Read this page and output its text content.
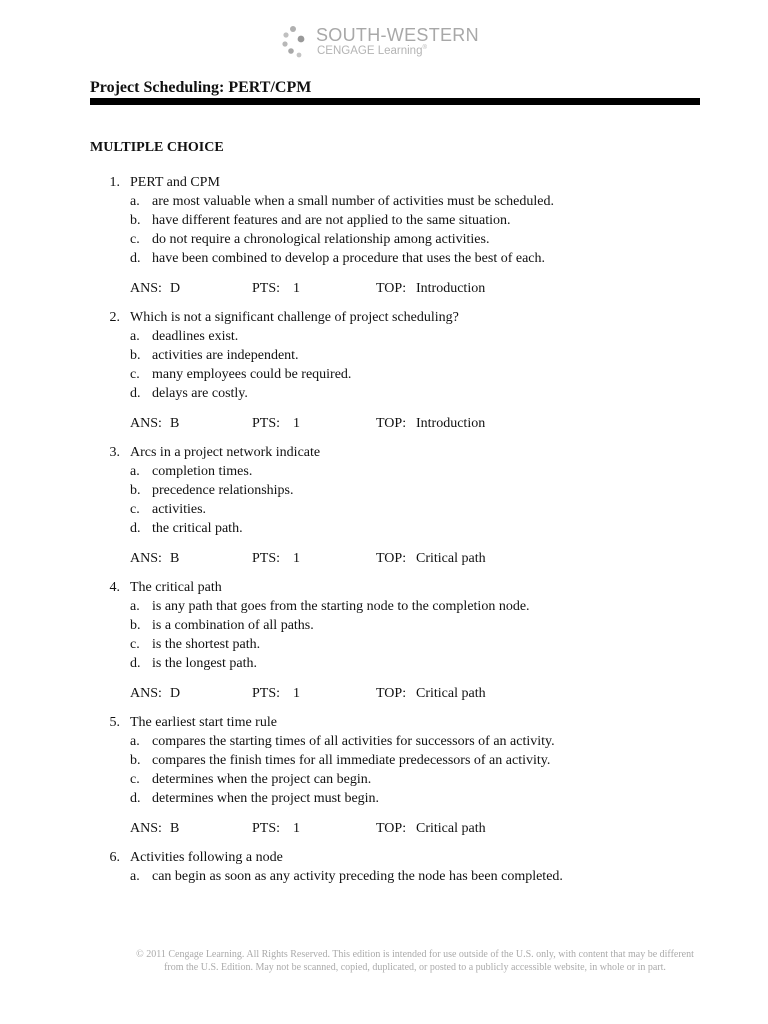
SOUTH-WESTERN
CENGAGE Learning®
Project Scheduling: PERT/CPM
MULTIPLE CHOICE
1. PERT and CPM
a. are most valuable when a small number of activities must be scheduled.
b. have different features and are not applied to the same situation.
c. do not require a chronological relationship among activities.
d. have been combined to develop a procedure that uses the best of each.
ANS: D	PTS: 1	TOP: Introduction
2. Which is not a significant challenge of project scheduling?
a. deadlines exist.
b. activities are independent.
c. many employees could be required.
d. delays are costly.
ANS: B	PTS: 1	TOP: Introduction
3. Arcs in a project network indicate
a. completion times.
b. precedence relationships.
c. activities.
d. the critical path.
ANS: B	PTS: 1	TOP: Critical path
4. The critical path
a. is any path that goes from the starting node to the completion node.
b. is a combination of all paths.
c. is the shortest path.
d. is the longest path.
ANS: D	PTS: 1	TOP: Critical path
5. The earliest start time rule
a. compares the starting times of all activities for successors of an activity.
b. compares the finish times for all immediate predecessors of an activity.
c. determines when the project can begin.
d. determines when the project must begin.
ANS: B	PTS: 1	TOP: Critical path
6. Activities following a node
a. can begin as soon as any activity preceding the node has been completed.
© 2011 Cengage Learning. All Rights Reserved. This edition is intended for use outside of the U.S. only, with content that may be different
from the U.S. Edition. May not be scanned, copied, duplicated, or posted to a publicly accessible website, in whole or in part.
